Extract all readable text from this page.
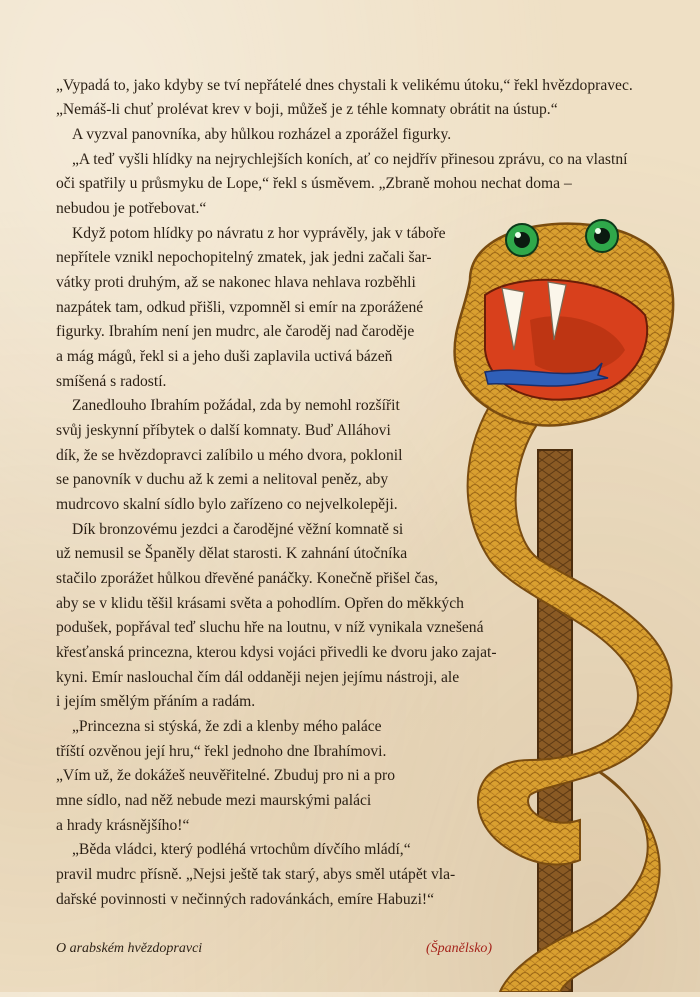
„Vypadá to, jako kdyby se tví nepřátelé dnes chystali k velikému útoku,“ řekl hvězdopravec.
„Nemáš-li chuť prolévat krev v boji, můžeš je z téhle komnaty obrátit na ústup.“
A vyzval panovníka, aby hůlkou rozházel a zporážel figurky.
„A teď vyšli hlídky na nejrychlejších koních, ať co nejdřív přinesou zprávu, co na vlastní
oči spatřily u průsmyku de Lope,“ řekl s úsměvem. „Zbraně mohou nechat doma –
nebudou je potřebovat.“
Když potom hlídky po návratu z hor vyprávěly, jak v táboře
nepřítele vznikl nepochopitelný zmatek, jak jedni začali šar-
vátky proti druhým, až se nakonec hlava nehlava rozběhli
nazpátek tam, odkud přišli, vzpomněl si emír na zporážené
figurky. Ibrahím není jen mudrc, ale čaroděj nad čaroděje
a mág mágů, řekl si a jeho duši zaplavila uctivá bázeň
smíšená s radostí.
Zanedlouho Ibrahím požádal, zda by nemohl rozšířit
svůj jeskynní příbytek o další komnaty. Buď Alláhovi
dík, že se hvězdopravci zalíbilo u mého dvora, poklonil
se panovník v duchu až k zemi a nelitoval peněz, aby
mudrcovo skalní sídlo bylo zařízeno co nejvelkolepěji.
Dík bronzovému jezdci a čarodějné věžní komnatě si
už nemusil se Španěly dělat starosti. K zahnání útočníka
stačilo zporážet hůlkou dřevěné panáčky. Konečně přišel čas,
aby se v klidu těšil krásami světa a pohodlím. Opřen do měkkých
podušek, popřával teď sluchu hře na loutnu, v níž vynikala vznešená
křesťanská princezna, kterou kdysi vojáci přivedli ke dvoru jako zajat-
kyni. Emír naslouchal čím dál oddaněji nejen jejímu nástroji, ale
i jejím smělým přáním a radám.
„Princezna si stýská, že zdi a klenby mého paláce
tříští ozvěnou její hru,“ řekl jednoho dne Ibrahímovi.
„Vím už, že dokážeš neuvěřitelné. Zbuduj pro ni a pro
mne sídlo, nad něž nebude mezi maurskými paláci
a hrady krásnějšího!“
„Běda vládci, který podléhá vrtochům dívčího mládí,“
pravil mudrc přísně. „Nejsi ještě tak starý, abys směl utápět vla-
dařské povinnosti v nečinných radovánkách, emíre Habuzi!“
O arabském hvězdopravci	(Španělsko)
